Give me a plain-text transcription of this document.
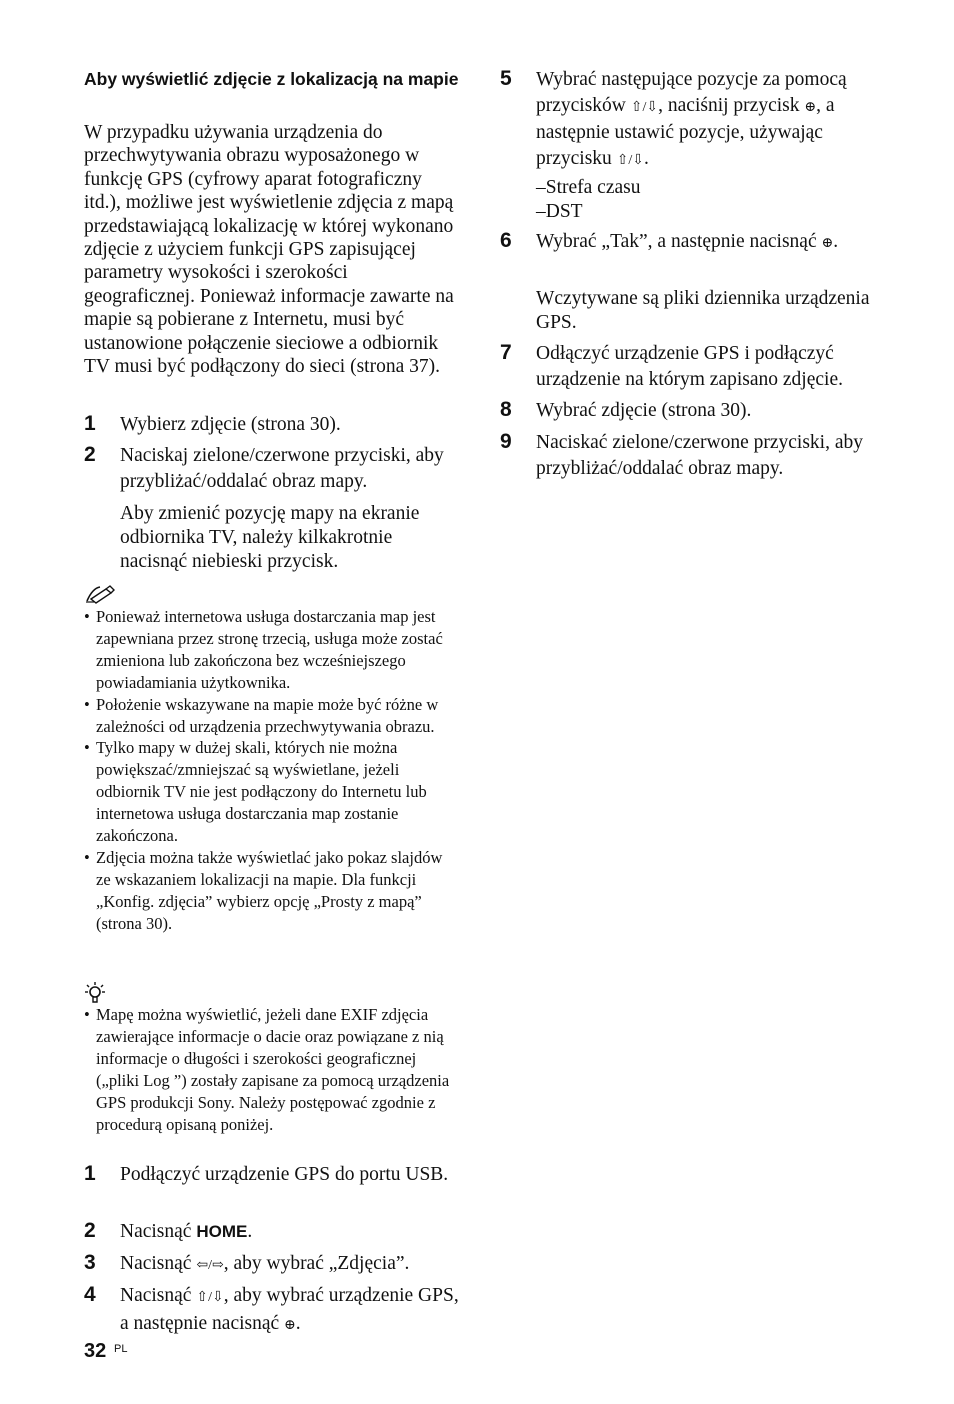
Aby wyświetlić zdjęcie z lokalizacją na mapie
W przypadku używania urządzenia do przechwytywania obrazu wyposażonego w funkcję GPS (cyfrowy aparat fotograficzny itd.), możliwe jest wyświetlenie zdjęcia z mapą przedstawiającą lokalizację w której wykonano zdjęcie z użyciem funkcji GPS zapisującej parametry wysokości i szerokości geograficznej. Ponieważ informacje zawarte na mapie są pobierane z Internetu, musi być ustanowione połączenie sieciowe a odbiornik TV musi być podłączony do sieci (strona 37).
1 Wybierz zdjęcie (strona 30).
2 Naciskaj zielone/czerwone przyciski, aby przybliżać/oddalać obraz mapy.
Aby zmienić pozycję mapy na ekranie odbiornika TV, należy kilkakrotnie nacisnąć niebieski przycisk.
• Ponieważ internetowa usługa dostarczania map jest zapewniana przez stronę trzecią, usługa może zostać zmieniona lub zakończona bez wcześniejszego powiadamiania użytkownika.
• Położenie wskazywane na mapie może być różne w zależności od urządzenia przechwytywania obrazu.
• Tylko mapy w dużej skali, których nie można powiększać/zmniejszać są wyświetlane, jeżeli odbiornik TV nie jest podłączony do Internetu lub internetowa usługa dostarczania map zostanie zakończona.
• Zdjęcia można także wyświetlać jako pokaz slajdów ze wskazaniem lokalizacji na mapie. Dla funkcji „Konfig. zdjęcia” wybierz opcję „Prosty z mapą” (strona 30).
• Mapę można wyświetlić, jeżeli dane EXIF zdjęcia zawierające informacje o dacie oraz powiązane z nią informacje o długości i szerokości geograficznej („pliki Log ”) zostały zapisane za pomocą urządzenia GPS produkcji Sony. Należy postępować zgodnie z procedurą opisaną poniżej.
1 Podłączyć urządzenie GPS do portu USB.
2 Nacisnąć HOME.
3 Nacisnąć ⇦/⇨, aby wybrać „Zdjęcia”.
4 Nacisnąć ⇧/⇩, aby wybrać urządzenie GPS, a następnie nacisnąć ⊕.
5 Wybrać następujące pozycje za pomocą przycisków ⇧/⇩, naciśnij przycisk ⊕, a następnie ustawić pozycje, używając przycisku ⇧/⇩.
–Strefa czasu
–DST
6 Wybrać „Tak”, a następnie nacisnąć ⊕.
Wczytywane są pliki dziennika urządzenia GPS.
7 Odłączyć urządzenie GPS i podłączyć urządzenie na którym zapisano zdjęcie.
8 Wybrać zdjęcie (strona 30).
9 Naciskać zielone/czerwone przyciski, aby przybliżać/oddalać obraz mapy.
32 PL
